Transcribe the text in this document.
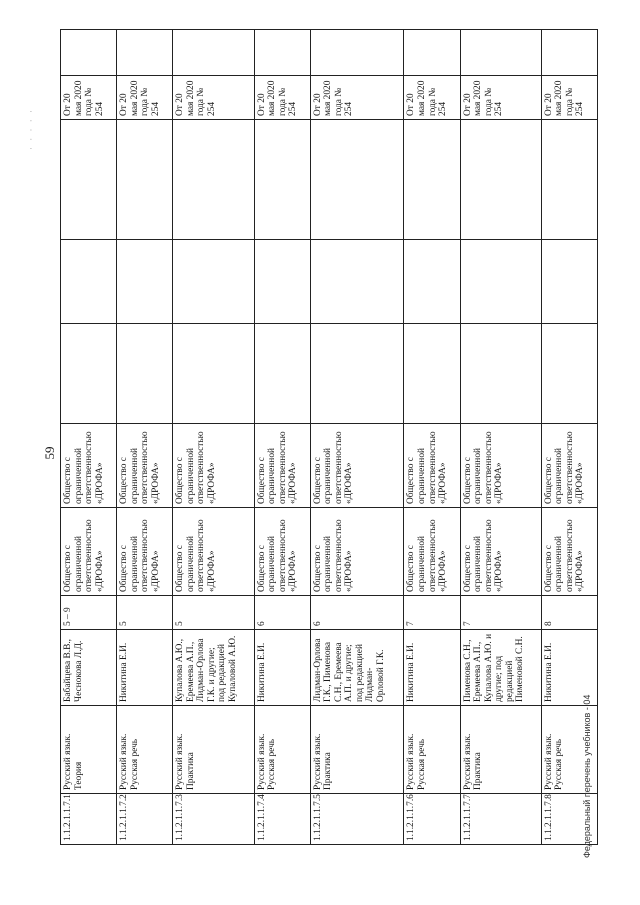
59
· · · · ·
1.1.2.1.1.7.1	Русский язык. Теория	Бабайцева В.В., Чеснокова Л.Д.	5 – 9	Общество с ограниченной ответственностью «ДРОФА»	Общество с ограниченной ответственностью «ДРОФА»				От 20 мая 2020 года № 254	
1.1.2.1.1.7.2	Русский язык. Русская речь	Никитина Е.И.	5	Общество с ограниченной ответственностью «ДРОФА»	Общество с ограниченной ответственностью «ДРОФА»				От 20 мая 2020 года № 254	
1.1.2.1.1.7.3	Русский язык. Практика	Купалова А.Ю., Еремеева А.П., Лидман-Орлова Г.К. и другие; под редакцией Купаловой А.Ю.	5	Общество с ограниченной ответственностью «ДРОФА»	Общество с ограниченной ответственностью «ДРОФА»				От 20 мая 2020 года № 254	
1.1.2.1.1.7.4	Русский язык. Русская речь	Никитина Е.И.	6	Общество с ограниченной ответственностью «ДРОФА»	Общество с ограниченной ответственностью «ДРОФА»				От 20 мая 2020 года № 254	
1.1.2.1.1.7.5	Русский язык. Практика	Лидман-Орлова Г.К., Пименова С.Н., Еремеева А.П. и другие; под редакцией Лидман-Орловой Г.К.	6	Общество с ограниченной ответственностью «ДРОФА»	Общество с ограниченной ответственностью «ДРОФА»				От 20 мая 2020 года № 254	
1.1.2.1.1.7.6	Русский язык. Русская речь	Никитина Е.И.	7	Общество с ограниченной ответственностью «ДРОФА»	Общество с ограниченной ответственностью «ДРОФА»				От 20 мая 2020 года № 254	
1.1.2.1.1.7.7	Русский язык. Практика	Пименова С.Н., Еремеева А.П., Купалова А.Ю. и другие; под редакцией Пименовой С.Н.	7	Общество с ограниченной ответственностью «ДРОФА»	Общество с ограниченной ответственностью «ДРОФА»				От 20 мая 2020 года № 254	
1.1.2.1.1.7.8	Русский язык. Русская речь	Никитина Е.И.	8	Общество с ограниченной ответственностью «ДРОФА»	Общество с ограниченной ответственностью «ДРОФА»				От 20 мая 2020 года № 254	
Федеральный перечень учебников - 04
